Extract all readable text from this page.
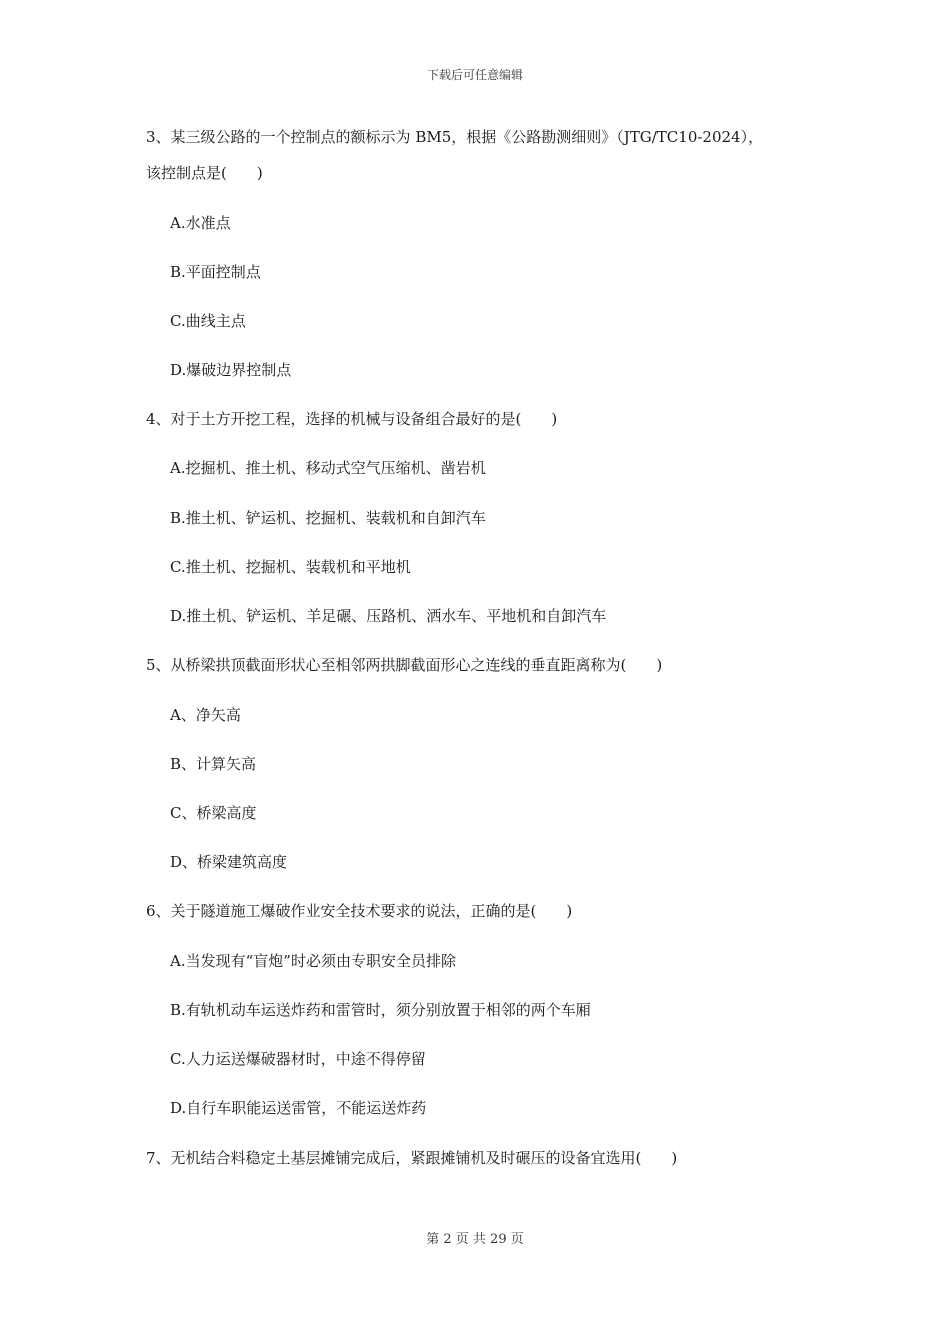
下载后可任意编辑
3、某三级公路的一个控制点的额标示为 BM5，根据《公路勘测细则》（JTG/TC10-2024），
该控制点是(　　)
A.水准点
B.平面控制点
C.曲线主点
D.爆破边界控制点
4、对于土方开挖工程，选择的机械与设备组合最好的是(　　)
A.挖掘机、推土机、移动式空气压缩机、凿岩机
B.推土机、铲运机、挖掘机、装载机和自卸汽车
C.推土机、挖掘机、装载机和平地机
D.推土机、铲运机、羊足碾、压路机、洒水车、平地机和自卸汽车
5、从桥梁拱顶截面形状心至相邻两拱脚截面形心之连线的垂直距离称为(　　)
A、净矢高
B、计算矢高
C、桥梁高度
D、桥梁建筑高度
6、关于隧道施工爆破作业安全技术要求的说法，正确的是(　　)
A.当发现有“盲炮”时必须由专职安全员排除
B.有轨机动车运送炸药和雷管时，须分别放置于相邻的两个车厢
C.人力运送爆破器材时，中途不得停留
D.自行车职能运送雷管，不能运送炸药
7、无机结合料稳定土基层摊铺完成后，紧跟摊铺机及时碾压的设备宜选用(　　)
第 2 页 共 29 页
